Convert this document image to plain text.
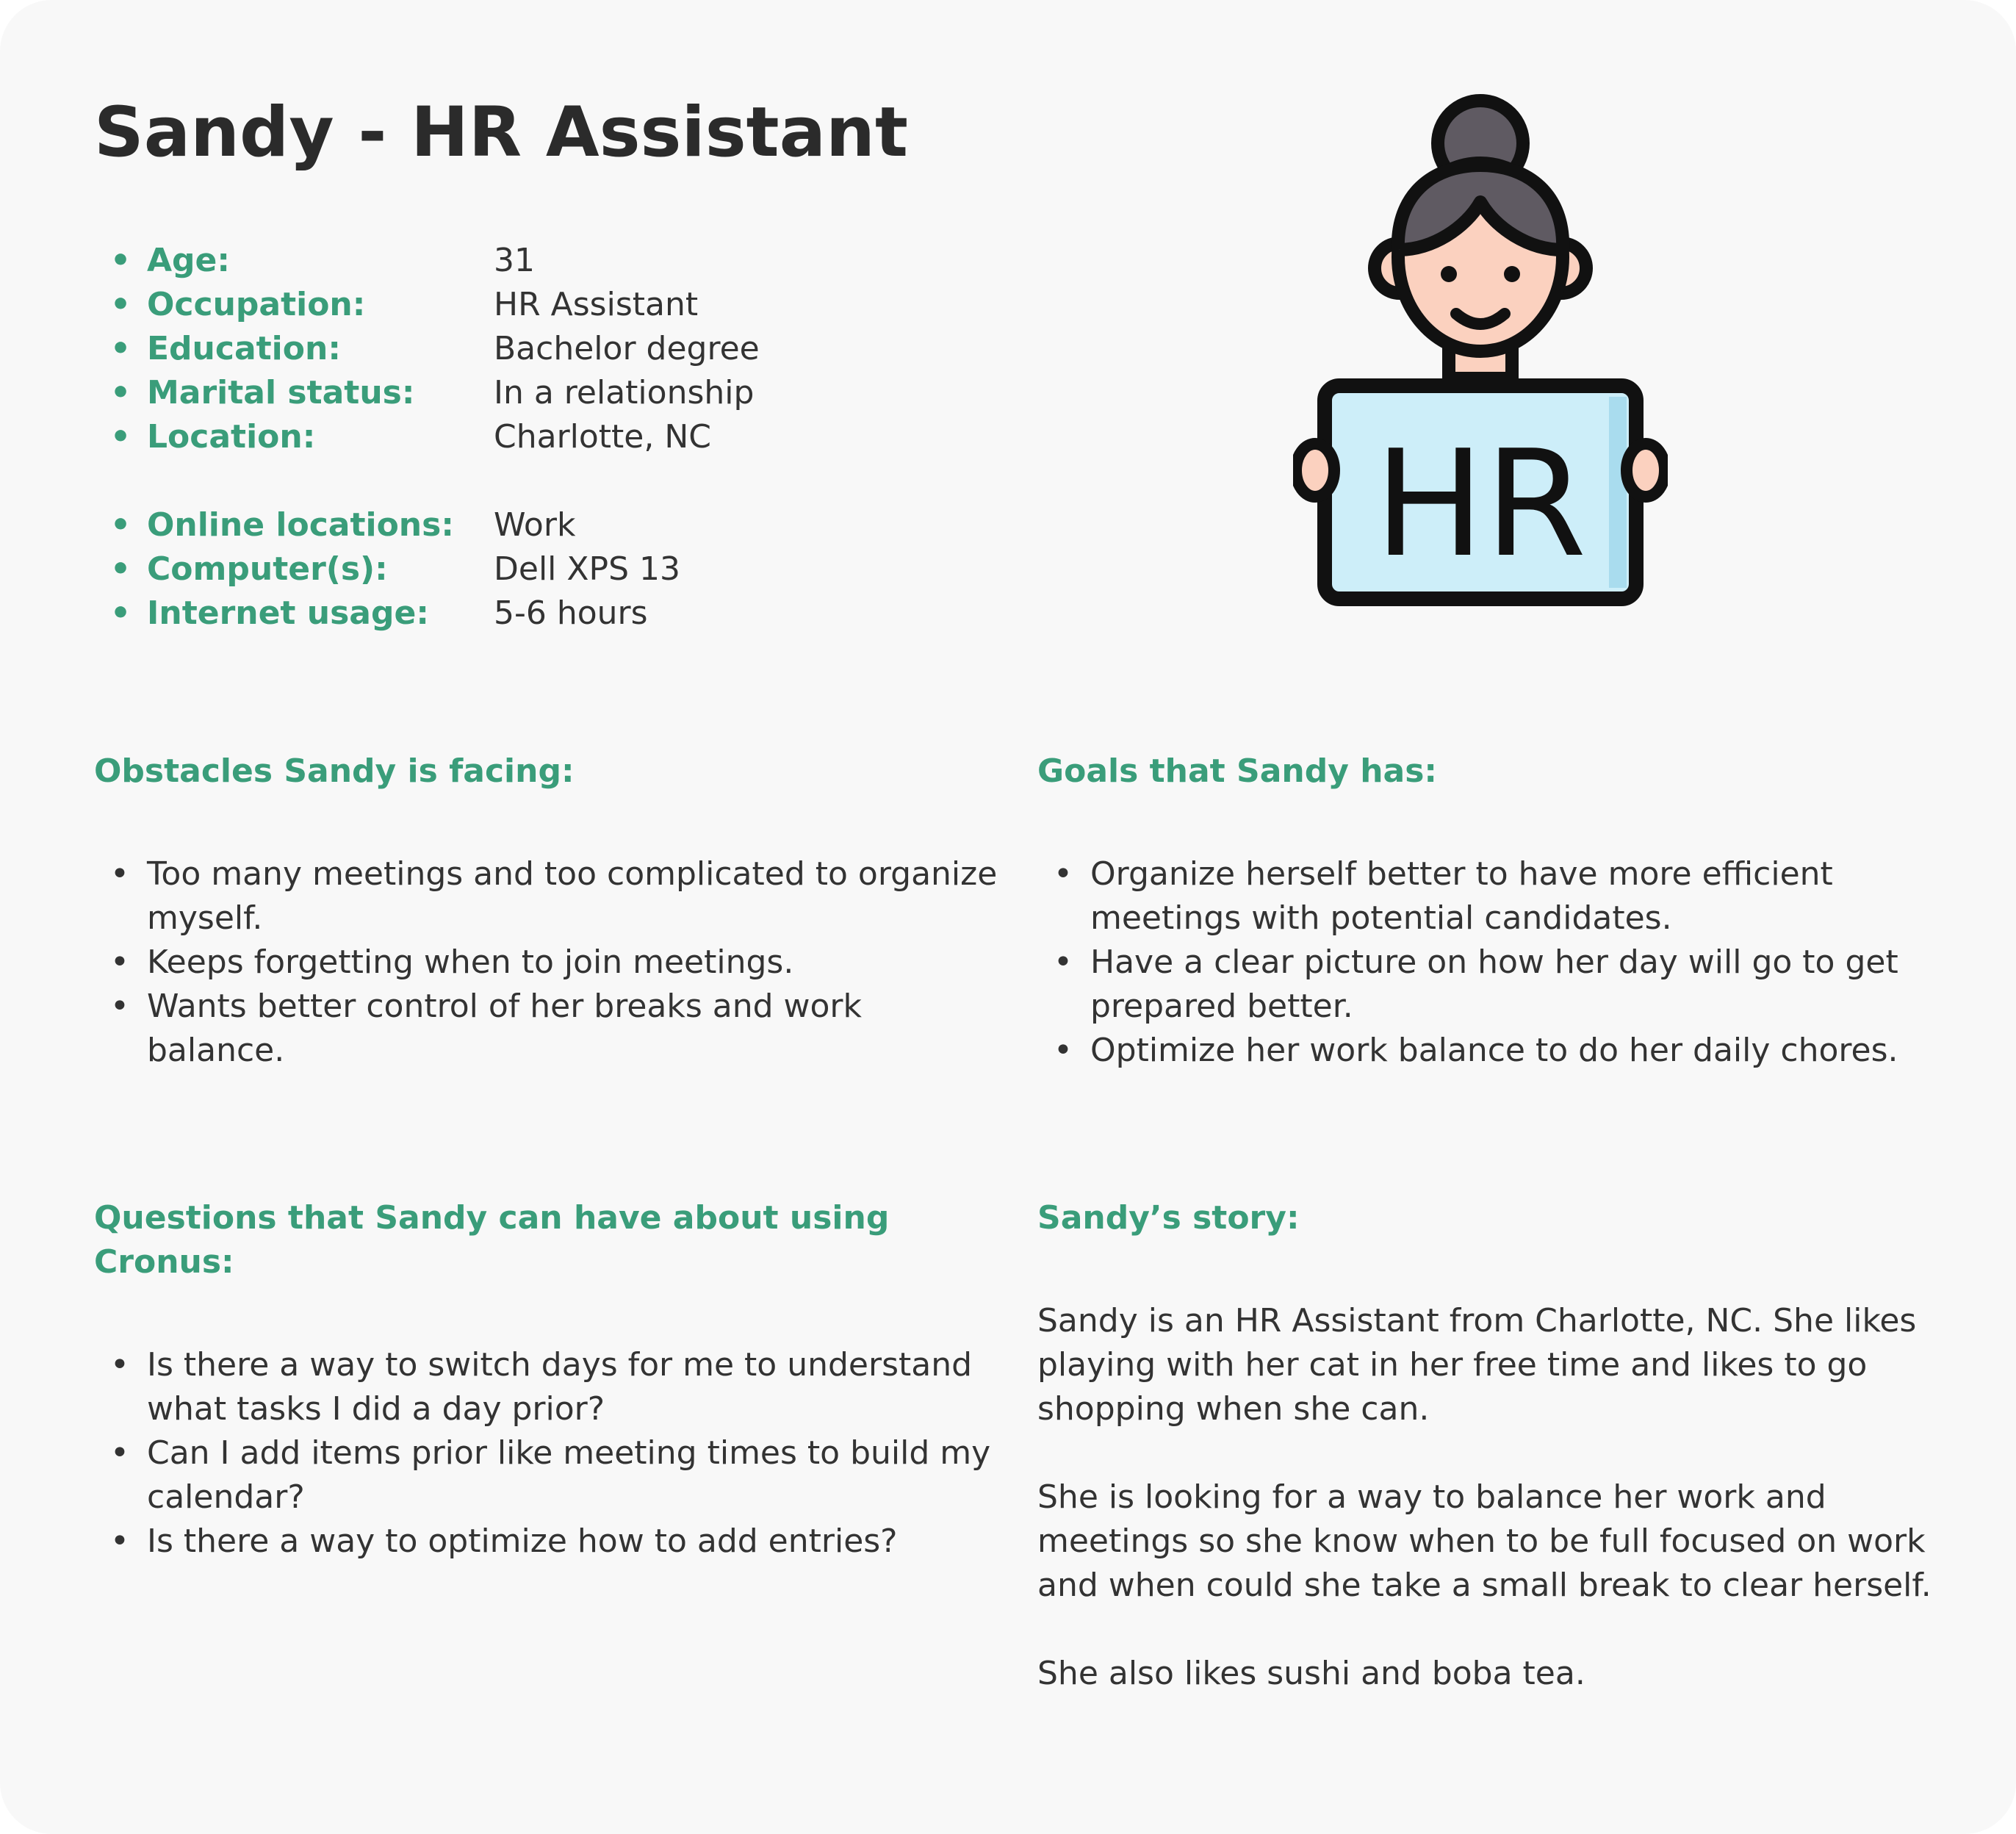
Sandy - HR Assistant
• Age:	31
• Occupation:	HR Assistant
• Education:	Bachelor degree
• Marital status:	In a relationship
• Location:	Charlotte, NC
• Online locations:	Work
• Computer(s):	Dell XPS 13
• Internet usage:	5-6 hours
HR
Obstacles Sandy is facing:
• Too many meetings and too complicated to organize myself.
• Keeps forgetting when to join meetings.
• Wants better control of her breaks and work balance.
Goals that Sandy has:
• Organize herself better to have more efficient meetings with potential candidates.
• Have a clear picture on how her day will go to get prepared better.
• Optimize her work balance to do her daily chores.
Questions that Sandy can have about using Cronus:
• Is there a way to switch days for me to understand what tasks I did a day prior?
• Can I add items prior like meeting times to build my calendar?
• Is there a way to optimize how to add entries?
Sandy’s story:

Sandy is an HR Assistant from Charlotte, NC. She likes playing with her cat in her free time and likes to go shopping when she can.

She is looking for a way to balance her work and meetings so she know when to be full focused on work and when could she take a small break to clear herself.

She also likes sushi and boba tea.
